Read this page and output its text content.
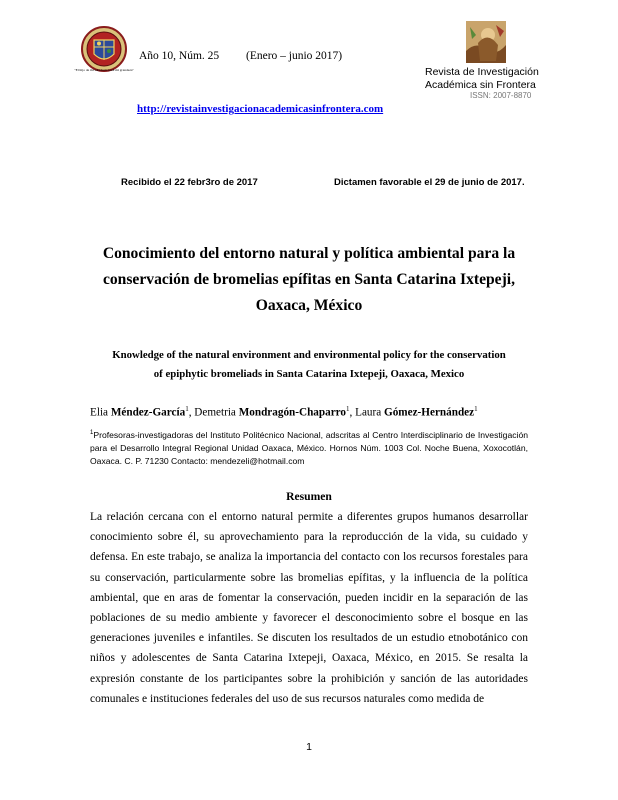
"El hijo de mi sabiduría hará mi grandeza"
Año 10, Núm. 25 (Enero – junio 2017)
Revista de Investigación
Académica sin Frontera
ISSN: 2007-8870
http://revistainvestigacionacademicasinfrontera.com
Recibido el 22 febr3ro de 2017	Dictamen favorable el 29 de junio de 2017.
Conocimiento del entorno natural y política ambiental para la
conservación de bromelias epífitas en Santa Catarina Ixtepeji,
Oaxaca, México
Knowledge of the natural environment and environmental policy for the conservation
of epiphytic bromeliads in Santa Catarina Ixtepeji, Oaxaca, Mexico
Elia Méndez-García$^1$, Demetria Mondragón-Chaparro$^1$, Laura Gómez-Hernández$^1$
$^1$Profesoras-investigadoras del Instituto Politécnico Nacional, adscritas al Centro Interdisciplinario de Investigación para el Desarrollo Integral Regional Unidad Oaxaca, México. Hornos Núm. 1003 Col. Noche Buena, Xoxocotlán, Oaxaca. C. P. 71230 Contacto: mendezeli@hotmail.com
Resumen
La relación cercana con el entorno natural permite a diferentes grupos humanos desarrollar conocimiento sobre él, su aprovechamiento para la reproducción de la vida, su cuidado y defensa. En este trabajo, se analiza la importancia del contacto con los recursos forestales para su conservación, particularmente sobre las bromelias epífitas, y la influencia de la política ambiental, que en aras de fomentar la conservación, pueden incidir en la separación de las poblaciones de su medio ambiente y favorecer el desconocimiento sobre el bosque en las generaciones juveniles e infantiles. Se discuten los resultados de un estudio etnobotánico con niños y adolescentes de Santa Catarina Ixtepeji, Oaxaca, México, en 2015. Se resalta la expresión constante de los participantes sobre la prohibición y sanción de las autoridades comunales e instituciones federales del uso de sus recursos naturales como medida de
1
